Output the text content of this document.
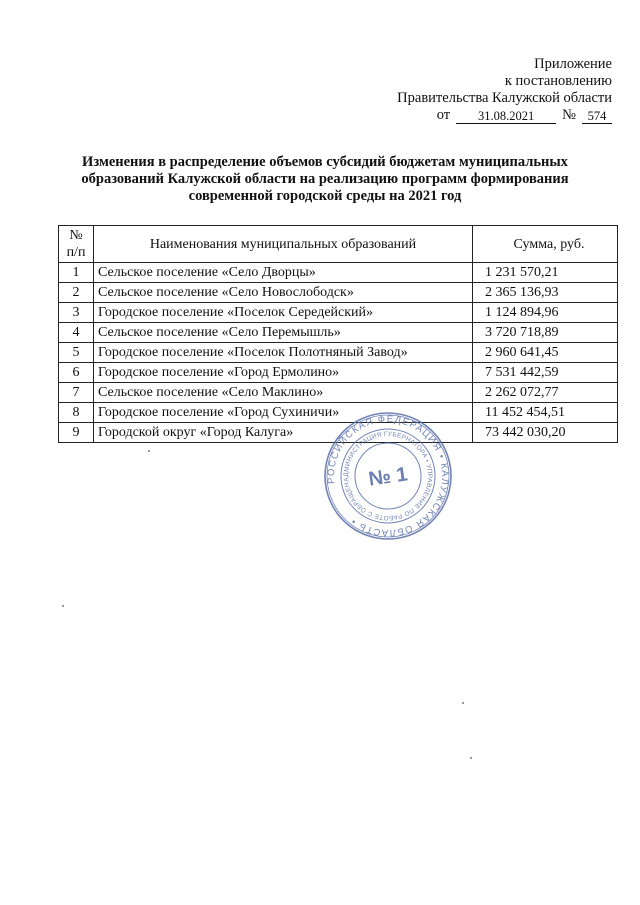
Приложение
к постановлению
Правительства Калужской области
от	31.08.2021	№ 574
Изменения в распределение объемов субсидий бюджетам муниципальных
образований Калужской области на реализацию программ формирования
современной городской среды на 2021 год
№
п/п	Наименования муниципальных образований	Сумма, руб.
1	Сельское поселение «Село Дворцы»	1 231 570,21
2	Сельское поселение «Село Новослободск»	2 365 136,93
3	Городское поселение «Поселок Середейский»	1 124 894,96
4	Сельское поселение «Село Перемышль»	3 720 718,89
5	Городское поселение «Поселок Полотняный Завод»	2 960 641,45
6	Городское поселение «Город Ермолино»	7 531 442,59
7	Сельское поселение «Село Маклино»	2 262 072,77
8	Городское поселение «Город Сухиничи»	11 452 454,51
9	Городской округ «Город Калуга»	73 442 030,20
РОССИЙСКАЯ ФЕДЕРАЦИЯ • КАЛУЖСКАЯ ОБЛАСТЬ •
АДМИНИСТРАЦИЯ ГУБЕРНАТОРА • УПРАВЛЕНИЕ ПО РАБОТЕ С ОБРАЩЕНИЯМИ ГРАЖДАН
№ 1
